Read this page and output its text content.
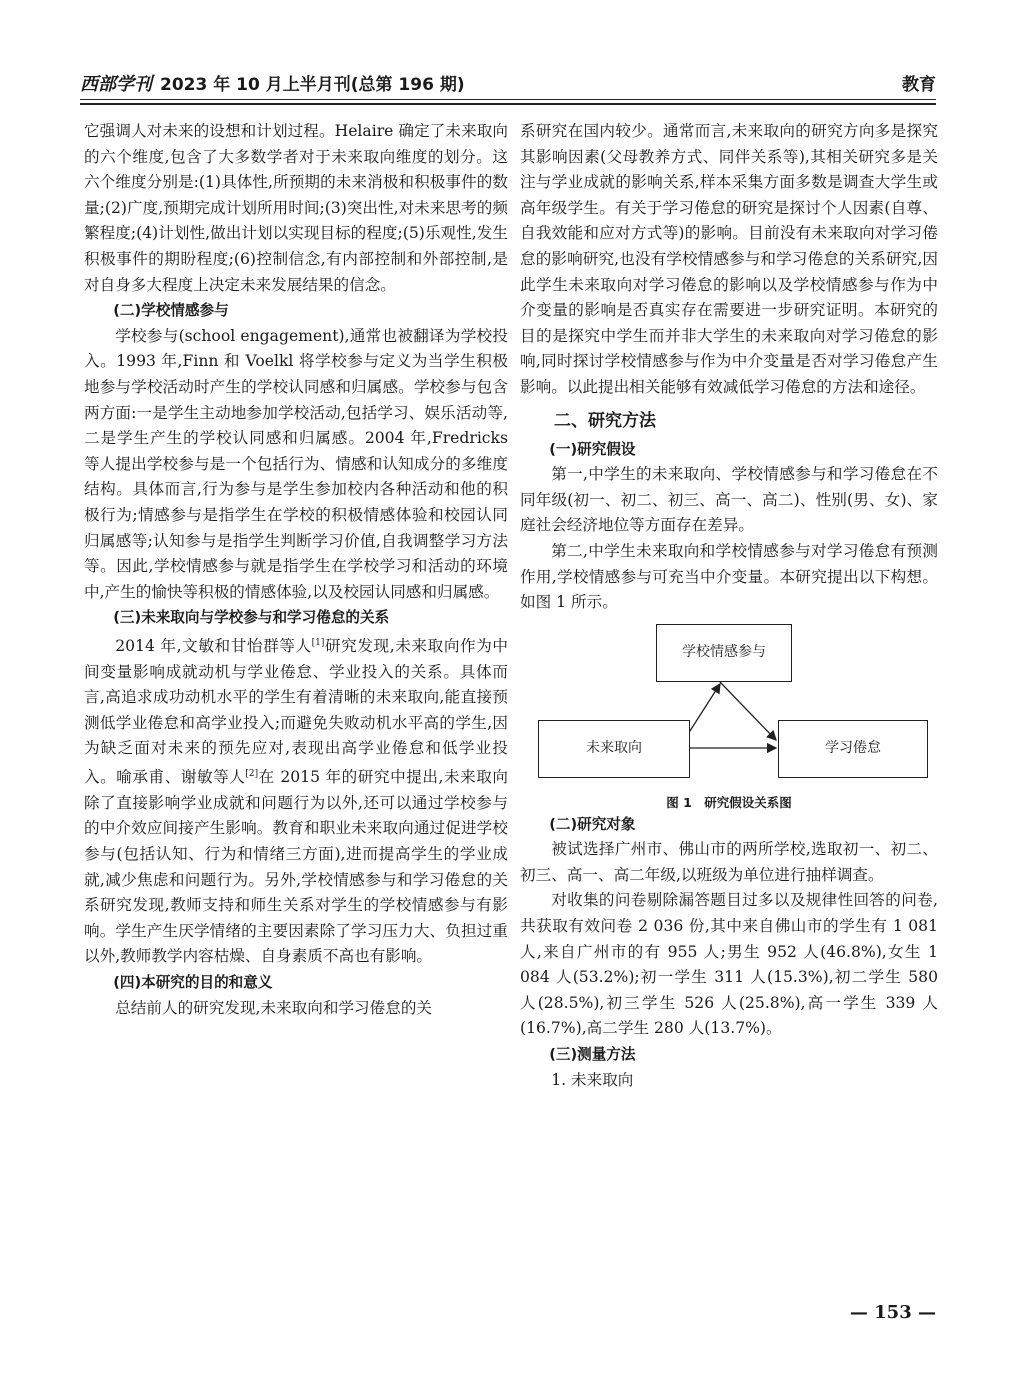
西部学刊 2023 年 10 月上半月刊(总第 196 期)	教育

它强调人对未来的设想和计划过程。Helaire 确定了未来取向的六个维度,包含了大多数学者对于未来取向维度的划分。这六个维度分别是:(1)具体性,所预期的未来消极和积极事件的数量;(2)广度,预期完成计划所用时间;(3)突出性,对未来思考的频繁程度;(4)计划性,做出计划以实现目标的程度;(5)乐观性,发生积极事件的期盼程度;(6)控制信念,有内部控制和外部控制,是对自身多大程度上决定未来发展结果的信念。

(二)学校情感参与

学校参与(school engagement),通常也被翻译为学校投入。1993 年,Finn 和 Voelkl 将学校参与定义为当学生积极地参与学校活动时产生的学校认同感和归属感。学校参与包含两方面:一是学生主动地参加学校活动,包括学习、娱乐活动等,二是学生产生的学校认同感和归属感。2004 年,Fredricks 等人提出学校参与是一个包括行为、情感和认知成分的多维度结构。具体而言,行为参与是学生参加校内各种活动和他的积极行为;情感参与是指学生在学校的积极情感体验和校园认同归属感等;认知参与是指学生判断学习价值,自我调整学习方法等。因此,学校情感参与就是指学生在学校学习和活动的环境中,产生的愉快等积极的情感体验,以及校园认同感和归属感。

(三)未来取向与学校参与和学习倦怠的关系

2014 年,文敏和甘怡群等人[1]研究发现,未来取向作为中间变量影响成就动机与学业倦怠、学业投入的关系。具体而言,高追求成功动机水平的学生有着清晰的未来取向,能直接预测低学业倦怠和高学业投入;而避免失败动机水平高的学生,因为缺乏面对未来的预先应对,表现出高学业倦怠和低学业投入。喻承甫、谢敏等人[2]在 2015 年的研究中提出,未来取向除了直接影响学业成就和问题行为以外,还可以通过学校参与的中介效应间接产生影响。教育和职业未来取向通过促进学校参与(包括认知、行为和情绪三方面),进而提高学生的学业成就,减少焦虑和问题行为。另外,学校情感参与和学习倦怠的关系研究发现,教师支持和师生关系对学生的学校情感参与有影响。学生产生厌学情绪的主要因素除了学习压力大、负担过重以外,教师教学内容枯燥、自身素质不高也有影响。

(四)本研究的目的和意义

总结前人的研究发现,未来取向和学习倦怠的关

系研究在国内较少。通常而言,未来取向的研究方向多是探究其影响因素(父母教养方式、同伴关系等),其相关研究多是关注与学业成就的影响关系,样本采集方面多数是调查大学生或高年级学生。有关于学习倦怠的研究是探讨个人因素(自尊、自我效能和应对方式等)的影响。目前没有未来取向对学习倦怠的影响研究,也没有学校情感参与和学习倦怠的关系研究,因此学生未来取向对学习倦怠的影响以及学校情感参与作为中介变量的影响是否真实存在需要进一步研究证明。本研究的目的是探究中学生而并非大学生的未来取向对学习倦怠的影响,同时探讨学校情感参与作为中介变量是否对学习倦怠产生影响。以此提出相关能够有效减低学习倦怠的方法和途径。

二、研究方法
(一)研究假设

第一,中学生的未来取向、学校情感参与和学习倦怠在不同年级(初一、初二、初三、高一、高二)、性别(男、女)、家庭社会经济地位等方面存在差异。

第二,中学生未来取向和学校情感参与对学习倦怠有预测作用,学校情感参与可充当中介变量。本研究提出以下构想。如图 1 所示。

学校情感参与
未来取向	学习倦怠
图 1　研究假设关系图
(二)研究对象

被试选择广州市、佛山市的两所学校,选取初一、初二、初三、高一、高二年级,以班级为单位进行抽样调查。

对收集的问卷剔除漏答题目过多以及规律性回答的问卷,共获取有效问卷 2 036 份,其中来自佛山市的学生有 1 081 人,来自广州市的有 955 人;男生 952 人(46.8%),女生 1 084 人(53.2%);初一学生 311 人(15.3%),初二学生 580 人(28.5%),初三学生 526 人(25.8%),高一学生 339 人(16.7%),高二学生 280 人(13.7%)。

(三)测量方法

1. 未来取向

— 153 —
